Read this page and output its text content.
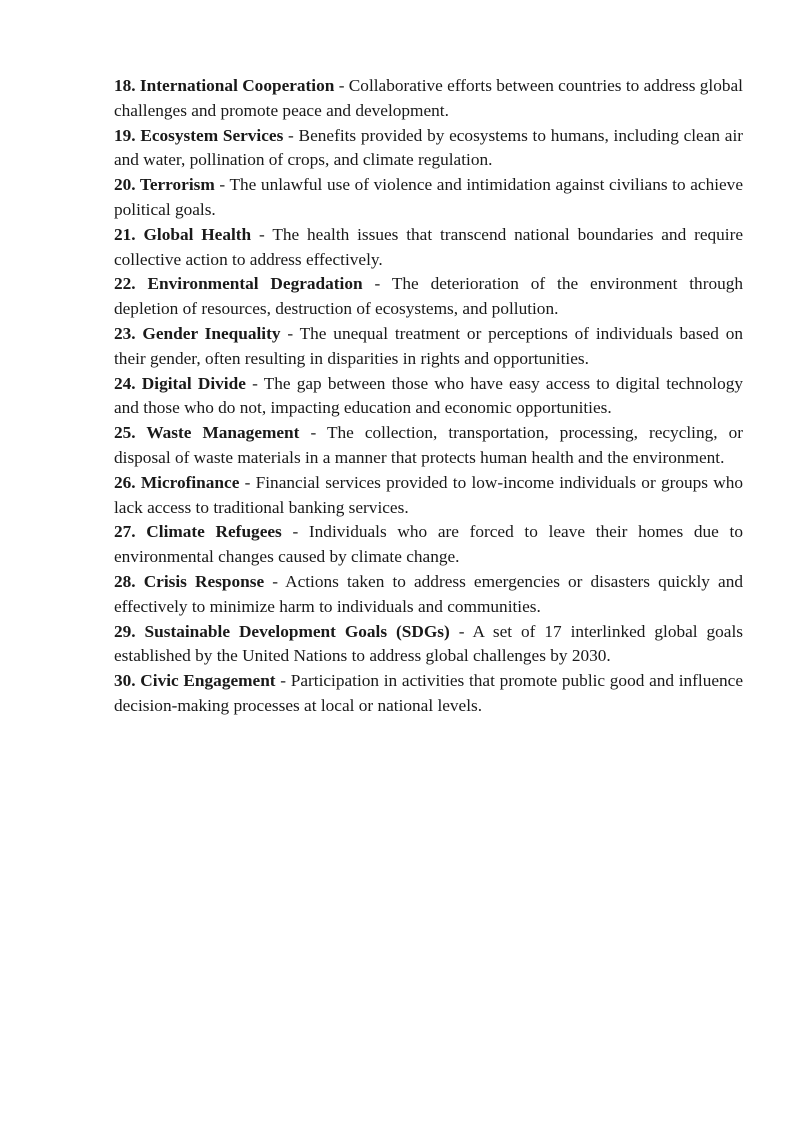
18. International Cooperation - Collaborative efforts between countries to address global challenges and promote peace and development.

19. Ecosystem Services - Benefits provided by ecosystems to humans, including clean air and water, pollination of crops, and climate regulation.

20. Terrorism - The unlawful use of violence and intimidation against civilians to achieve political goals.

21. Global Health - The health issues that transcend national boundaries and require collective action to address effectively.

22. Environmental Degradation - The deterioration of the environment through depletion of resources, destruction of ecosystems, and pollution.

23. Gender Inequality - The unequal treatment or perceptions of individuals based on their gender, often resulting in disparities in rights and opportunities.

24. Digital Divide - The gap between those who have easy access to digital technology and those who do not, impacting education and economic opportunities.

25. Waste Management - The collection, transportation, processing, recycling, or disposal of waste materials in a manner that protects human health and the environment.

26. Microfinance - Financial services provided to low-income individuals or groups who lack access to traditional banking services.

27. Climate Refugees - Individuals who are forced to leave their homes due to environmental changes caused by climate change.

28. Crisis Response - Actions taken to address emergencies or disasters quickly and effectively to minimize harm to individuals and communities.

29. Sustainable Development Goals (SDGs) - A set of 17 interlinked global goals established by the United Nations to address global challenges by 2030.

30. Civic Engagement - Participation in activities that promote public good and influence decision-making processes at local or national levels.
